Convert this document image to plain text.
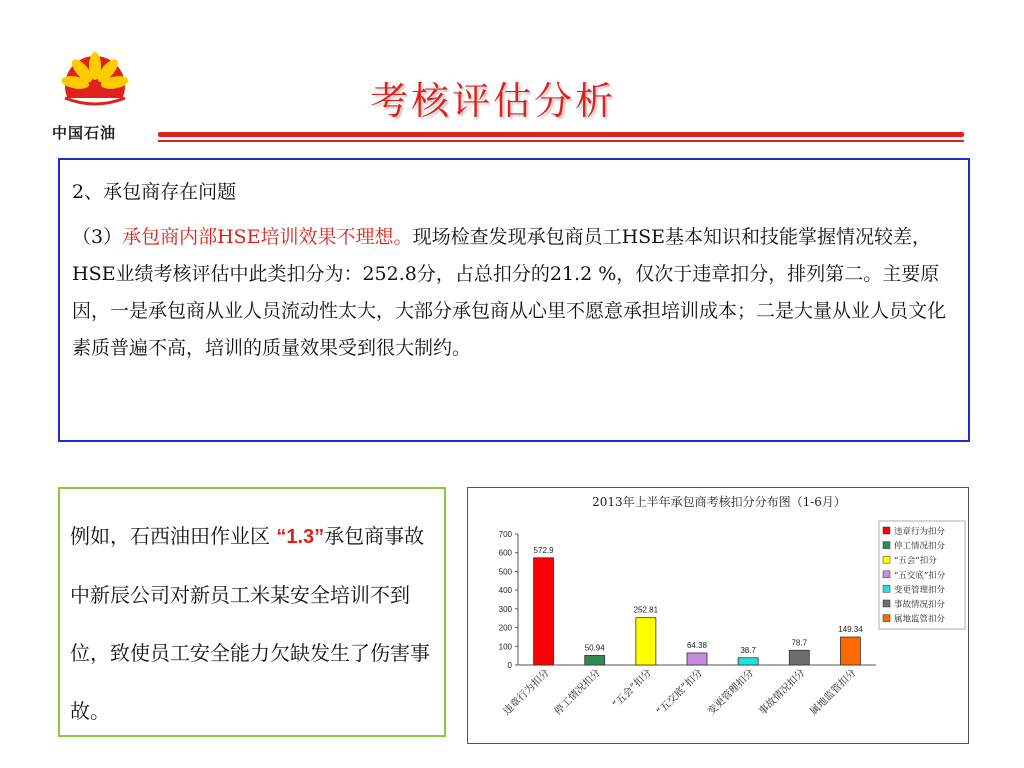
中国石油
考核评估分析

2、承包商存在问题

（3）承包商内部HSE培训效果不理想。现场检查发现承包商员工HSE基本知识和技能掌握情况较差，HSE业绩考核评估中此类扣分为：252.8分，占总扣分的21.2 %，仅次于违章扣分，排列第二。主要原因，一是承包商从业人员流动性太大，大部分承包商从心里不愿意承担培训成本；二是大量从业人员文化素质普遍不高，培训的质量效果受到很大制约。

例如，石西油田作业区 “1.3”承包商事故中新辰公司对新员工米某安全培训不到位，致使员工安全能力欠缺发生了伤害事故。
2013年上半年承包商考核扣分分布图（1-6月）
0
100
200
300
400
500
600
700
572.9
违章行为扣分
50.94
停工情况扣分
252.81
“五会”扣分
64.38
“五交底”扣分
38.7
变更管理扣分
78.7
事故情况扣分
149.34
属地监管扣分
违章行为扣分
停工情况扣分
“五会”扣分
“五交底”扣分
变更管理扣分
事故情况扣分
属地监管扣分
